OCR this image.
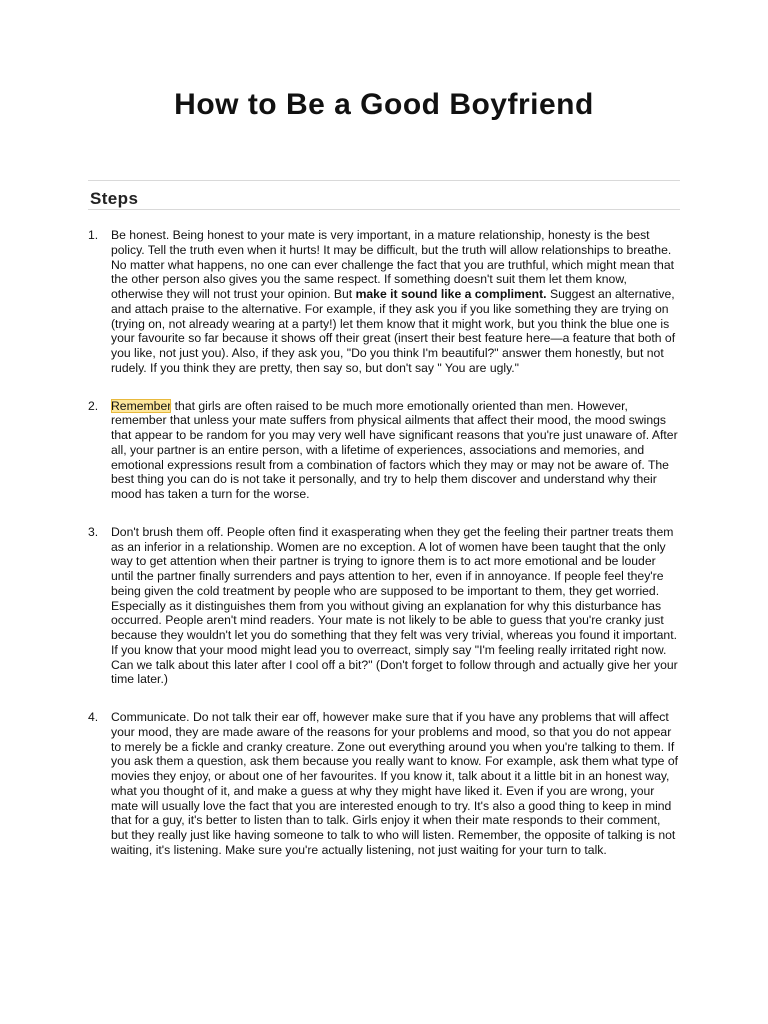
How to Be a Good Boyfriend
Steps
1. Be honest. Being honest to your mate is very important, in a mature relationship, honesty is the best policy. Tell the truth even when it hurts! It may be difficult, but the truth will allow relationships to breathe. No matter what happens, no one can ever challenge the fact that you are truthful, which might mean that the other person also gives you the same respect. If something doesn't suit them let them know, otherwise they will not trust your opinion. But make it sound like a compliment. Suggest an alternative, and attach praise to the alternative. For example, if they ask you if you like something they are trying on (trying on, not already wearing at a party!) let them know that it might work, but you think the blue one is your favourite so far because it shows off their great (insert their best feature here—a feature that both of you like, not just you). Also, if they ask you, "Do you think I'm beautiful?" answer them honestly, but not rudely. If you think they are pretty, then say so, but don't say " You are ugly."
2. Remember that girls are often raised to be much more emotionally oriented than men. However, remember that unless your mate suffers from physical ailments that affect their mood, the mood swings that appear to be random for you may very well have significant reasons that you're just unaware of. After all, your partner is an entire person, with a lifetime of experiences, associations and memories, and emotional expressions result from a combination of factors which they may or may not be aware of. The best thing you can do is not take it personally, and try to help them discover and understand why their mood has taken a turn for the worse.
3. Don't brush them off. People often find it exasperating when they get the feeling their partner treats them as an inferior in a relationship. Women are no exception. A lot of women have been taught that the only way to get attention when their partner is trying to ignore them is to act more emotional and be louder until the partner finally surrenders and pays attention to her, even if in annoyance. If people feel they're being given the cold treatment by people who are supposed to be important to them, they get worried. Especially as it distinguishes them from you without giving an explanation for why this disturbance has occurred. People aren't mind readers. Your mate is not likely to be able to guess that you're cranky just because they wouldn't let you do something that they felt was very trivial, whereas you found it important. If you know that your mood might lead you to overreact, simply say "I'm feeling really irritated right now. Can we talk about this later after I cool off a bit?" (Don't forget to follow through and actually give her your time later.)
4. Communicate. Do not talk their ear off, however make sure that if you have any problems that will affect your mood, they are made aware of the reasons for your problems and mood, so that you do not appear to merely be a fickle and cranky creature. Zone out everything around you when you're talking to them. If you ask them a question, ask them because you really want to know. For example, ask them what type of movies they enjoy, or about one of her favourites. If you know it, talk about it a little bit in an honest way, what you thought of it, and make a guess at why they might have liked it. Even if you are wrong, your mate will usually love the fact that you are interested enough to try. It's also a good thing to keep in mind that for a guy, it's better to listen than to talk. Girls enjoy it when their mate responds to their comment, but they really just like having someone to talk to who will listen. Remember, the opposite of talking is not waiting, it's listening. Make sure you're actually listening, not just waiting for your turn to talk.
